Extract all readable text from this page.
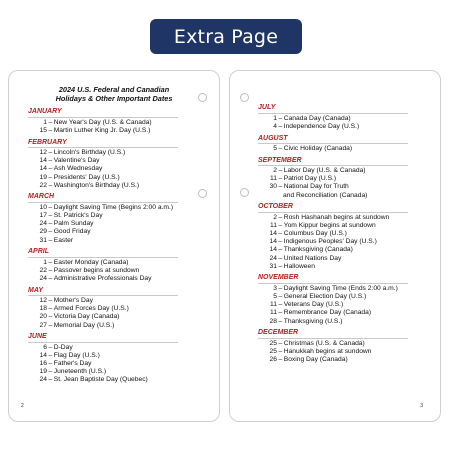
Extra Page
2024 U.S. Federal and Canadian
Holidays & Other Important Dates
JANUARY
1 – New Year's Day (U.S. & Canada)
15 – Martin Luther King Jr. Day (U.S.)
FEBRUARY
12 – Lincoln's Birthday (U.S.)
14 – Valentine's Day
14 – Ash Wednesday
19 – Presidents' Day (U.S.)
22 – Washington's Birthday (U.S.)
MARCH
10 – Daylight Saving Time (Begins 2:00 a.m.)
17 – St. Patrick's Day
24 – Palm Sunday
29 – Good Friday
31 – Easter
APRIL
1 – Easter Monday (Canada)
22 – Passover begins at sundown
24 – Administrative Professionals Day
MAY
12 – Mother's Day
18 – Armed Forces Day (U.S.)
20 – Victoria Day (Canada)
27 – Memorial Day (U.S.)
JUNE
6 – D-Day
14 – Flag Day (U.S.)
16 – Father's Day
19 – Juneteenth (U.S.)
24 – St. Jean Baptiste Day (Quebec)
2
JULY
1 – Canada Day (Canada)
4 – Independence Day (U.S.)
AUGUST
5 – Civic Holiday (Canada)
SEPTEMBER
2 – Labor Day (U.S. & Canada)
11 – Patriot Day (U.S.)
30 – National Day for Truth
and Reconciliation (Canada)
OCTOBER
2 – Rosh Hashanah begins at sundown
11 – Yom Kippur begins at sundown
14 – Columbus Day (U.S.)
14 – Indigenous Peoples' Day (U.S.)
14 – Thanksgiving (Canada)
24 – United Nations Day
31 – Halloween
NOVEMBER
3 – Daylight Saving Time (Ends 2:00 a.m.)
5 – General Election Day (U.S.)
11 – Veterans Day (U.S.)
11 – Remembrance Day (Canada)
28 – Thanksgiving (U.S.)
DECEMBER
25 – Christmas (U.S. & Canada)
25 – Hanukkah begins at sundown
26 – Boxing Day (Canada)
3
